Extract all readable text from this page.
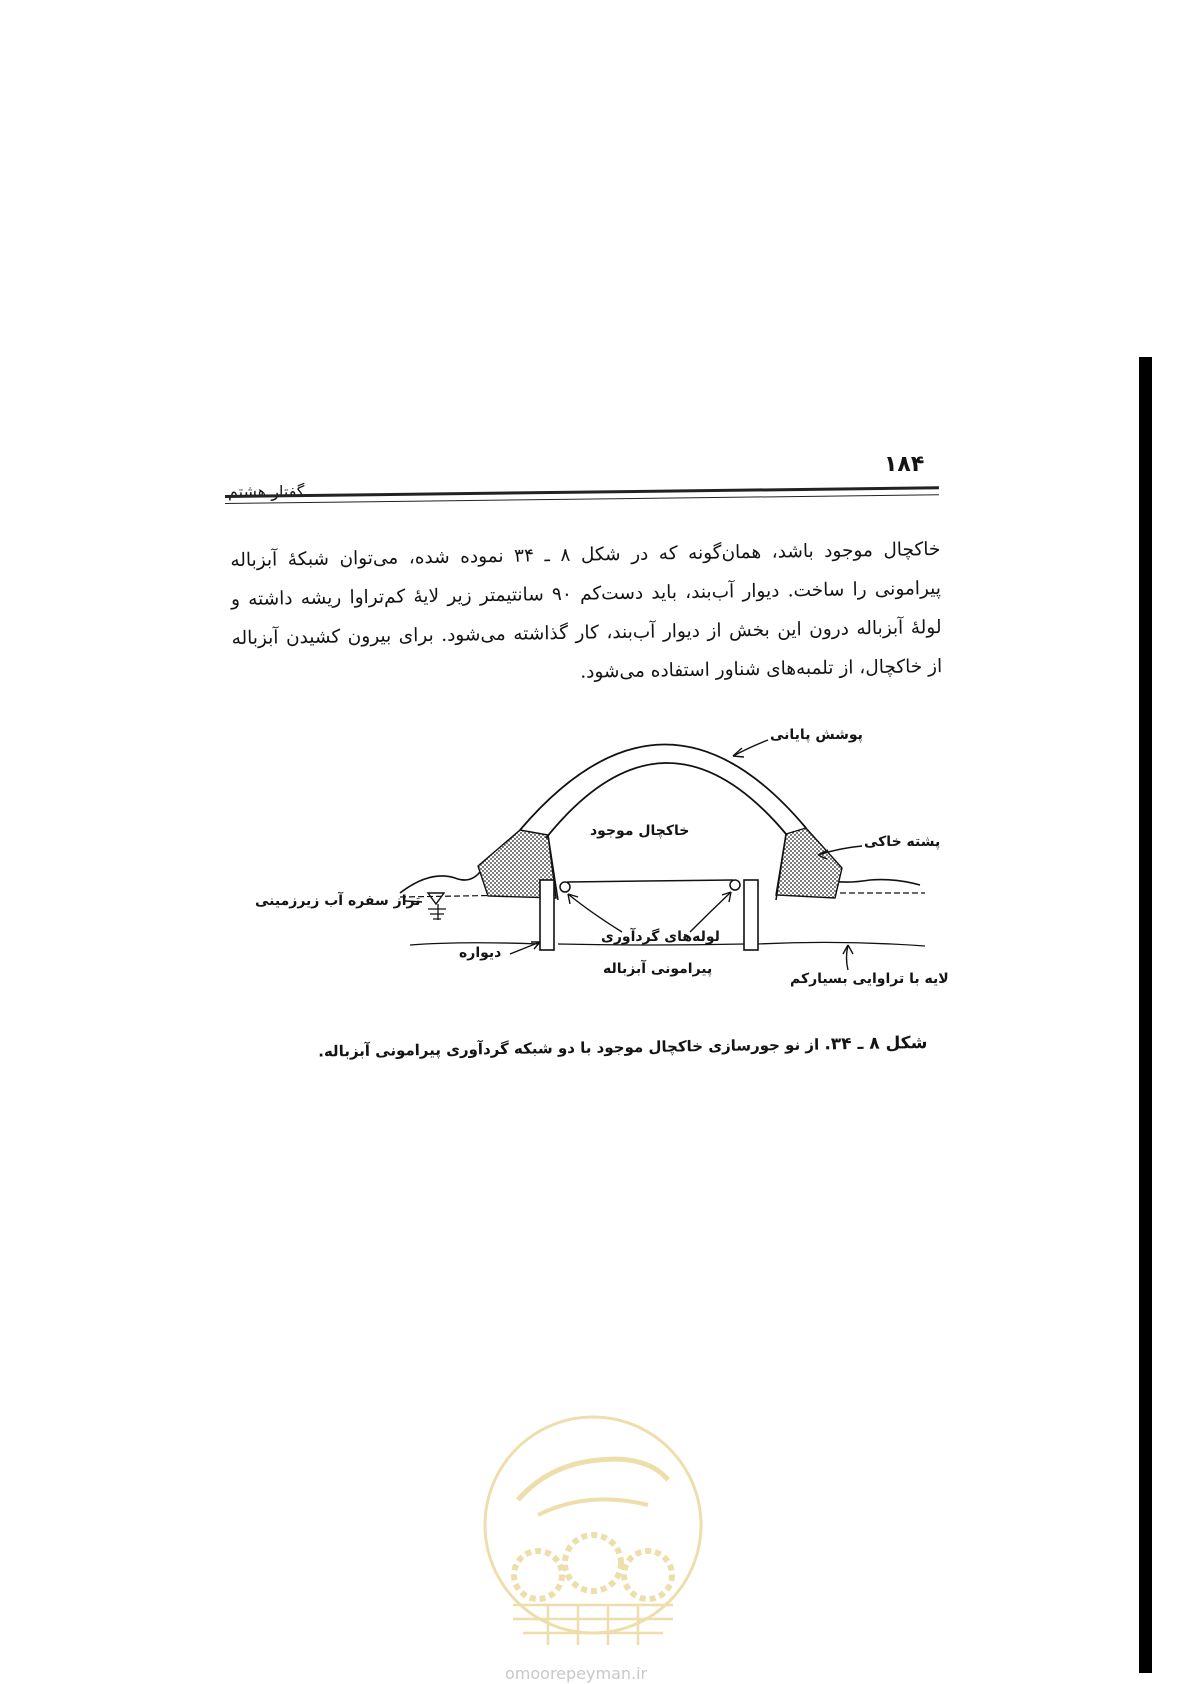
۱۸۴
گفتار هشتم
خاکچال موجود باشد، همان‌گونه که در شکل ۸ ـ ۳۴ نموده شده، می‌توان شبکهٔ آبزباله
پیرامونی را ساخت. دیوار آب‌بند، باید دست‌کم ۹۰ سانتیمتر زیر لایهٔ کم‌تراوا ریشه داشته و
لولهٔ آبزباله درون این بخش از دیوار آب‌بند، کار گذاشته می‌شود. برای بیرون کشیدن آبزباله
از خاکچال، از تلمبه‌های شناور استفاده می‌شود.
پوشش پایانی
خاکچال موجود
پشته خاکی
تراز سفره آب زیرزمینی
دیواره
لوله‌های گردآوری
پیرامونی آبزباله
لایه با تراوایی بسیارکم
شکل ۸ ـ ۳۴. از نو جورسازی خاکچال موجود با دو شبکه گردآوری پیرامونی آبزباله.
omoorepeyman.ir
